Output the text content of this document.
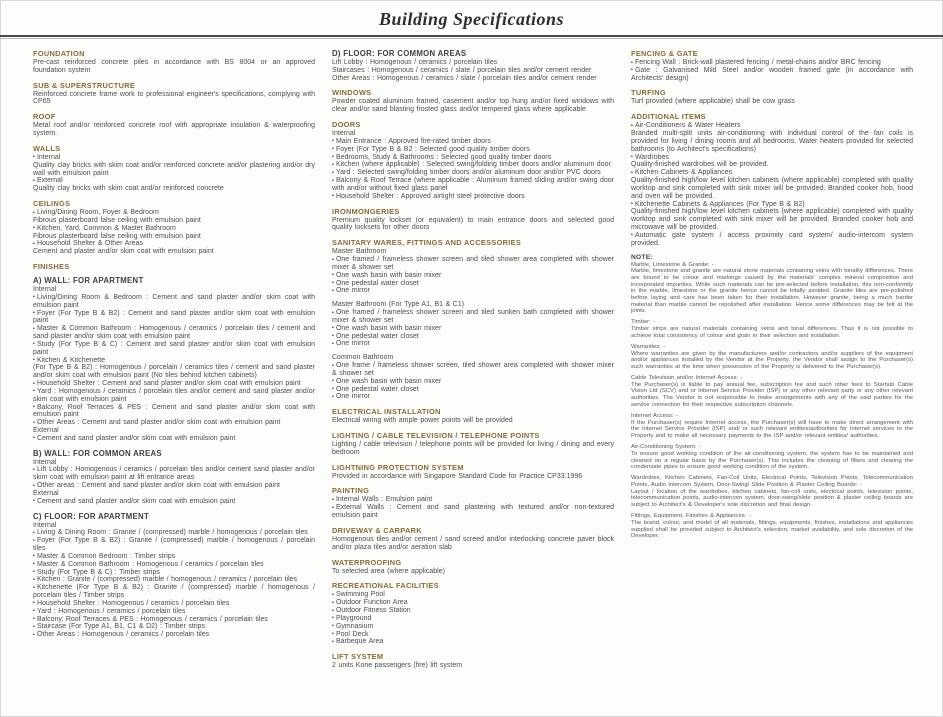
Building Specifications
FOUNDATION

Pre-cast reinforced concrete piles in accordance with BS 8004 or an approved foundation system

SUB & SUPERSTRUCTURE

Reinforced concrete frame work to professional engineer's specifications, complying with CP65

ROOF

Metal roof and/or reinforced concrete roof with appropriate insulation & waterproofing system.

WALLS

▪ Internal

Quality clay bricks with skim coat and/or reinforced concrete and/or plastering and/or dry wall with emulsion paint

▪ External

Quality clay bricks with skim coat and/or reinforced concrete

CEILINGS

▪ Living/Dining Room, Foyer & Bedroom

Fibrous plasterboard false ceiling with emulsion paint

▪ Kitchen, Yard, Common & Master Bathroom

Fibrous plasterboard false ceiling with emulsion paint

▪ Household Shelter & Other Areas

Cement and plaster and/or skim coat with emulsion paint

FINISHES
A) WALL: FOR APARTMENT

Internal

▪ Living/Dining Room & Bedroom : Cement and sand plaster and/or skim coat with emulsion paint

▪ Foyer (For Type B & B2) : Cement and sand plaster and/or skim coat with emulsion paint

▪ Master & Common Bathroom : Homogenous / ceramics / porcelain tiles / cement and sand plaster and/or skim coat with emulsion paint

▪ Study (For Type B & C) : Cement and sand plaster and/or skim coat with emulsion paint

▪ Kitchen & Kitchenette

(For Type B & B2) : Homogenous / porcelain / ceramics tiles / cement and sand plaster and/or skim coat with emulsion paint (No tiles behind kitchen cabinets)

▪ Household Shelter : Cement and sand plaster and/or skim coat with emulsion paint

▪ Yard : Homogenous / ceramics / porcelain tiles and/or cement and sand plaster and/or skim coat with emulsion paint

▪ Balcony, Roof Terraces & PES : Cement and sand plaster and/or skim coat with emulsion paint

▪ Other Areas : Cement and sand plaster and/or skim coat with emulsion paint

External

▪ Cement and sand plaster and/or skim coat with emulsion paint

B) WALL: FOR COMMON AREAS

Internal

▪ Lift Lobby : Homogenous / ceramics / porcelain tiles and/or cement sand plaster and/or skim coat with emulsion paint at lift entrance areas

▪ Other areas : Cement and sand plaster and/or skim coat with emulsion paint

External

▪ Cement and sand plaster and/or skim coat with emulsion paint

C) FLOOR: FOR APARTMENT

Internal

▪ Living & Dining Room : Granite / (compressed) marble / homogenous / porcelain tiles

▪ Foyer (For Type B & B2) : Granite / (compressed) marble / homogenous / porcelain tiles

▪ Master & Common Bedroom : Timber strips

▪ Master & Common Bathroom : Homogenous / ceramics / porcelain tiles

▪ Study (For Type B & C) : Timber strips

▪ Kitchen : Granite / (compressed) marble / homogenous / ceramics / porcelain tiles

▪ Kitchenette (For Type B & B2) : Granite / (compressed) marble / homogenous / porcelain tiles / Timber strips

▪ Household Shelter : Homogenous / ceramics / porcelain tiles

▪ Yard : Homogenous / ceramics / porcelain tiles

▪ Balcony, Roof Terraces & PES : Homogenous / ceramics / porcelain tiles

▪ Staircase (For Type A1, B1, C1 & D2) : Timber strips

▪ Other Areas : Homogenous / ceramics / porcelain tiles

D) FLOOR: FOR COMMON AREAS

Lift Lobby : Homogenous / ceramics / porcelain tiles

Staircases : Homogenous / ceramics / slate / porcelain tiles and/or cement render

Other Areas : Homogenous / ceramics / slate / porcelain tiles and/or cement render

WINDOWS

Powder coated aluminum framed, casement and/or top hung and/or fixed windows with clear and/or sand blasting frosted glass and/or tempered glass where applicable

DOORS

Internal

▪ Main Entrance : Approved fire-rated timber doors

▪ Foyer (For Type B & B2 : Selected good quality timber doors

▪ Bedrooms, Study & Bathrooms : Selected good quality timber doors

▪ Kitchen (where applicable) : Selected swing/folding timber doors and/or aluminum door

▪ Yard : Selected swing/folding timber doors and/or aluminum door and/or PVC doors

▪ Balcony & Roof Terrace (where applicable : Aluminum framed sliding and/or swing door with and/or without fixed glass panel

▪ Household Shelter : Approved airtight steel protective doors

IRONMONGERIES

Premium quality lockset (or equivalent) to main entrance doors and selected good quality locksets for other doors

SANITARY WARES, FITTINGS AND ACCESSORIES

Master Bathroom

▪ One framed / frameless shower screen and tiled shower area completed with shower mixer & shower set

▪ One wash basin with basin mixer

▪ One pedestal water closet

▪ One mirror

Master Bathroom (For Type A1, B1 & C1)

▪ One framed / frameless shower screen and tiled sunken bath completed with shower mixer & shower set

▪ One wash basin with basin mixer

▪ One pedestal water closet

▪ One mirror

Common Bathroom

▪ One frame / frameless shower screen, tiled shower area completed with shower mixer & shower set

▪ One wash basin with basin mixer

▪ One pedestal water closet

▪ One mirror

ELECTRICAL INSTALLATION

Electrical wiring with ample power points will be provided

LIGHTING / CABLE TELEVISION / TELEPHONE POINTS

Lighting / cable television / telephone points will be provided for living / dining and every bedroom

LIGHTNING PROTECTION SYSTEM

Provided in accordance with Singapore Standard Code for Practice CP33:1996

PAINTING

▪ Internal Walls : Emulsion paint

▪ External Walls : Cement and sand plastering with textured and/or non-textured emulsion paint

DRIVEWAY & CARPARK

Homogenous tiles and/or cement / sand screed and/or interlocking concrete paver block and/or plaza tiles and/or aeration slab

WATERPROOFING

To selected area (where applicable)

RECREATIONAL FACILITIES

▪ Swimming Pool

▪ Outdoor Function Area

▪ Outdoor Fitness Station

▪ Playground

▪ Gymnasium

▪ Pool Deck

▪ Barbeque Area

LIFT SYSTEM

2 units Kone passengers (fire) lift system

FENCING & GATE

▪ Fencing Wall : Brick-wall plastered fencing / metal-chains and/or BRC fencing

▪ Gate : Galvanised Mild Steel and/or wooden framed gate (in accordance with Architects' design)

TURFING

Turf provided (where applicable) shall be cow grass

ADDITIONAL ITEMS

▪ Air-Conditioners & Water Heaters

Branded multi-split units air-conditioning with individual control of the fan coils is provided for living / dining rooms and all bedrooms. Water heaters provided for selected bathrooms (to Architect's specifications)

▪ Wardrobes

Quality-finished wardrobes will be provided.

▪ Kitchen Cabinets & Appliances

Quality-finished high/low level kitchen cabinets (where applicable) completed with quality worktop and sink completed with sink mixer will be provided. Branded cooker hob, hood and oven will be provided.

▪ Kitchenette Cabinets & Appliances (For Type B & B2)

Quality-finished high/low level kitchen cabinets (where applicable) completed with quality worktop and sink completed with sink mixer will be provided. Branded cooker hob and microwave will be provided.

▪ Automatic gate system / access proximity card system/ audio-intercom system provided.

NOTE:

Marble, Limestone & Granite: -

Marble, limestone and granite are natural stone materials containing veins with tonality differences. There are bound to be colour and markings caused by the materials' complex mineral composition and incorporated impurities. While such materials can be pre-selected before installation, this non-conformity in the marble, limestone or the granite hence cannot be totally avoided. Granite tiles are pre-polished before laying and care has been taken for their installation. However granite, being a much harder material than marble cannot be repolished after installation. Hence some differences may be felt at the joints.

Timber: -

Timber strips are natural materials containing veins and tonal differences. Thus it is not possible to achieve total consistency of colour and grain in their selection and installation.

Warranties: -

Where warranties are given by the manufacturers and/or contractors and/or suppliers of the equipment and/or appliances installed by the Vendor at the Property, the Vendor shall assign to the Purchaser(s) such warranties at the time when possession of the Property is delivered to the Purchaser(s).

Cable Television and/or Internet Access: -

The Purchaser(s) is liable to pay annual fee, subscription fee and such other fees to Starhub Cable Vision Ltd (SCV) and or Internet Service Provider (ISP) or any other relevant party or any other relevant authorities. The Vendor is not responsible to make arrangements with any of the said parties for the service connection for their respective subscription channels.

Internet Access: -

If the Purchaser(s) require Internet access, the Purchaser(s) will have to make direct arrangement with the Internet Service Provider (ISP) and/ or such relevant entities/authorities for Internet services to the Property and to make all necessary payments to the ISP and/or relevant entities/ authorities.

Air-Conditioning System: -

To ensure good working condition of the air-conditioning system, the system has to be maintained and cleaned on a regular basis by the Purchaser(s). This includes the cleaning of filters and clearing the condensate pipes to ensure good working condition of the system.

Wardrobes, Kitchen Cabinets, Fan-Coil Units, Electrical Points, Television Points, Telecommunication Points, Audio Intercom System, Door-Swing/ Slide Position & Plaster Ceiling Boards: -

Layout / location of the wardrobes, kitchen cabinets, fan-coil units, electrical points, television points, telecommunication points, audio-intercom system, door-swing/slide position & plaster ceiling boards are subject to Architect's & Developer's sole discretion and final design.

Fittings, Equipment, Finishes & Appliances: -

The brand, colour, and model of all materials, fittings, equipments, finishes, installations and appliances supplied shall be provided subject to Architect's selection, market availability, and sole discretion of the Developer.
